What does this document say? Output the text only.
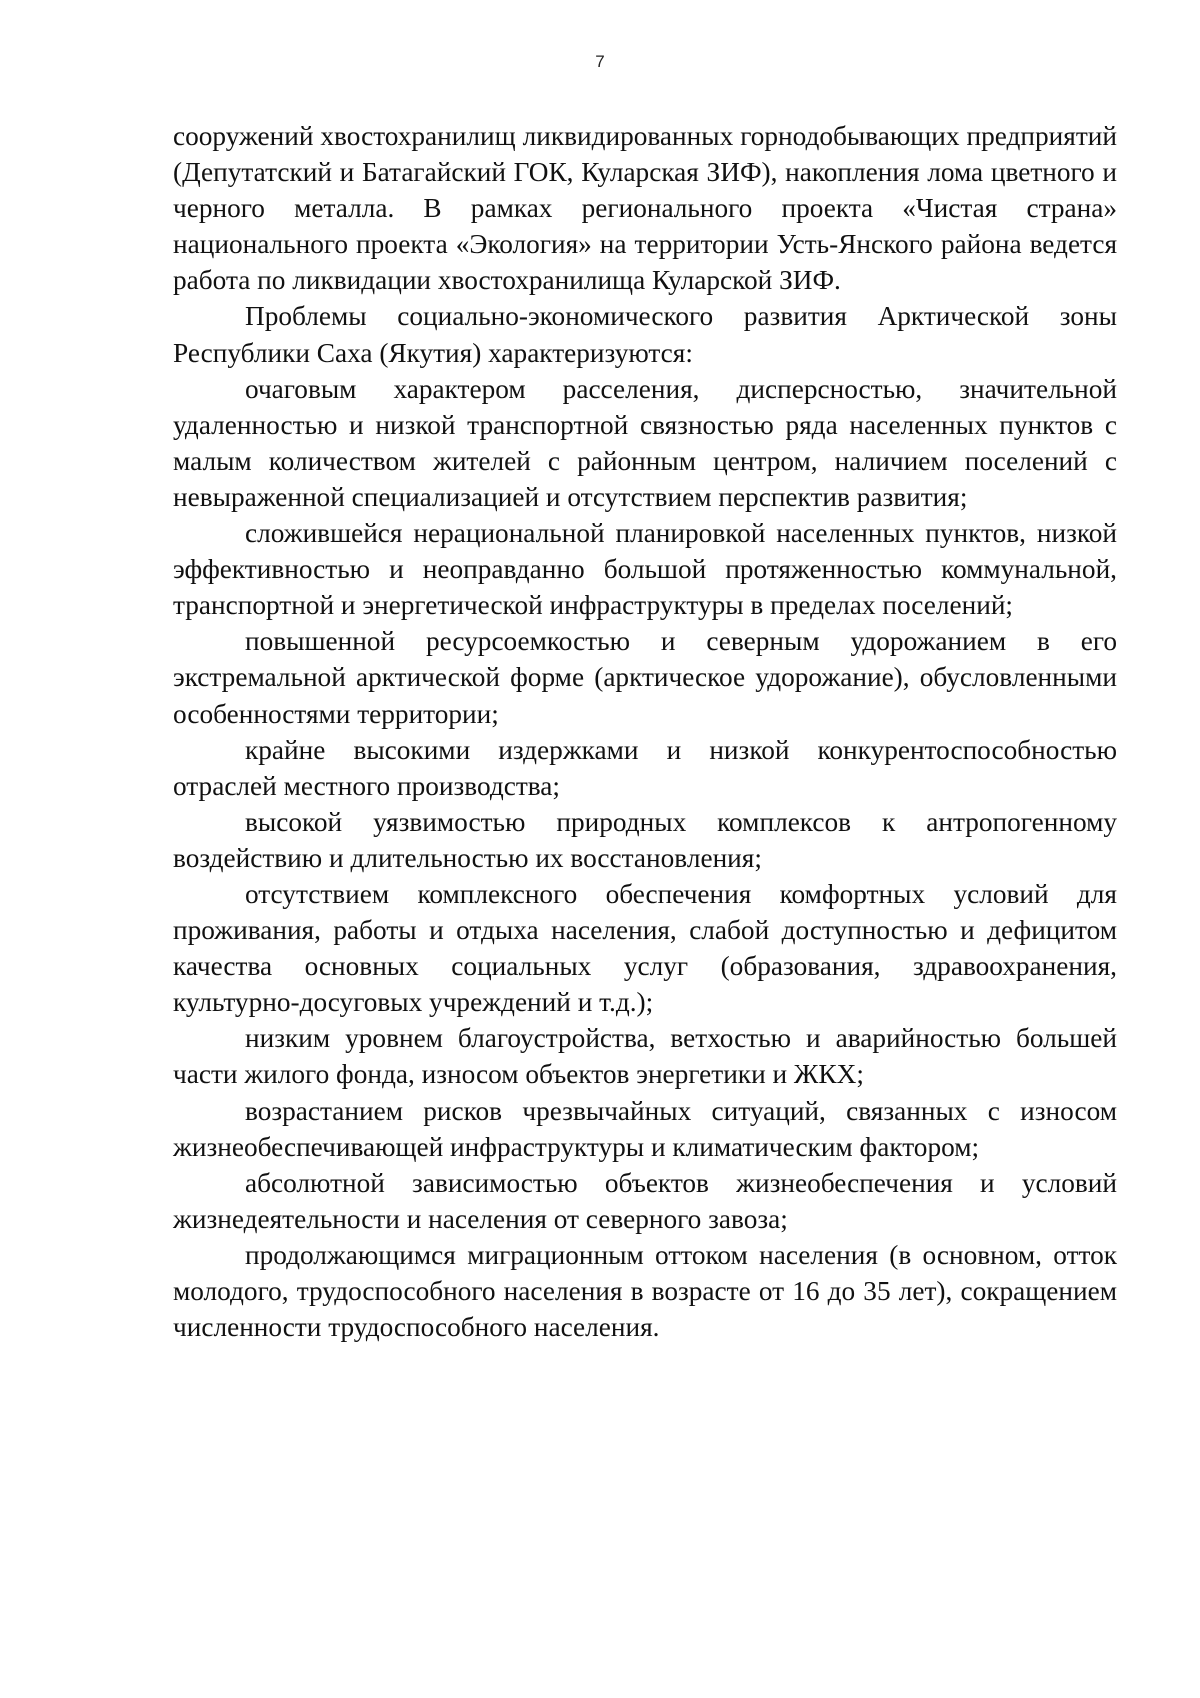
7

сооружений хвостохранилищ ликвидированных горнодобывающих предприятий (Депутатский и Батагайский ГОК, Куларская ЗИФ), накопления лома цветного и черного металла. В рамках регионального проекта «Чистая страна» национального проекта «Экология» на территории Усть-Янского района ведется работа по ликвидации хвостохранилища Куларской ЗИФ.

Проблемы социально-экономического развития Арктической зоны Республики Саха (Якутия) характеризуются:

очаговым характером расселения, дисперсностью, значительной удаленностью и низкой транспортной связностью ряда населенных пунктов с малым количеством жителей с районным центром, наличием поселений с невыраженной специализацией и отсутствием перспектив развития;

сложившейся нерациональной планировкой населенных пунктов, низкой эффективностью и неоправданно большой протяженностью коммунальной, транспортной и энергетической инфраструктуры в пределах поселений;

повышенной ресурсоемкостью и северным удорожанием в его экстремальной арктической форме (арктическое удорожание), обусловленными особенностями территории;

крайне высокими издержками и низкой конкурентоспособностью отраслей местного производства;

высокой уязвимостью природных комплексов к антропогенному воздействию и длительностью их восстановления;

отсутствием комплексного обеспечения комфортных условий для проживания, работы и отдыха населения, слабой доступностью и дефицитом качества основных социальных услуг (образования, здравоохранения, культурно-досуговых учреждений и т.д.);

низким уровнем благоустройства, ветхостью и аварийностью большей части жилого фонда, износом объектов энергетики и ЖКХ;

возрастанием рисков чрезвычайных ситуаций, связанных с износом жизнеобеспечивающей инфраструктуры и климатическим фактором;

абсолютной зависимостью объектов жизнеобеспечения и условий жизнедеятельности и населения от северного завоза;

продолжающимся миграционным оттоком населения (в основном, отток молодого, трудоспособного населения в возрасте от 16 до 35 лет), сокращением численности трудоспособного населения.
